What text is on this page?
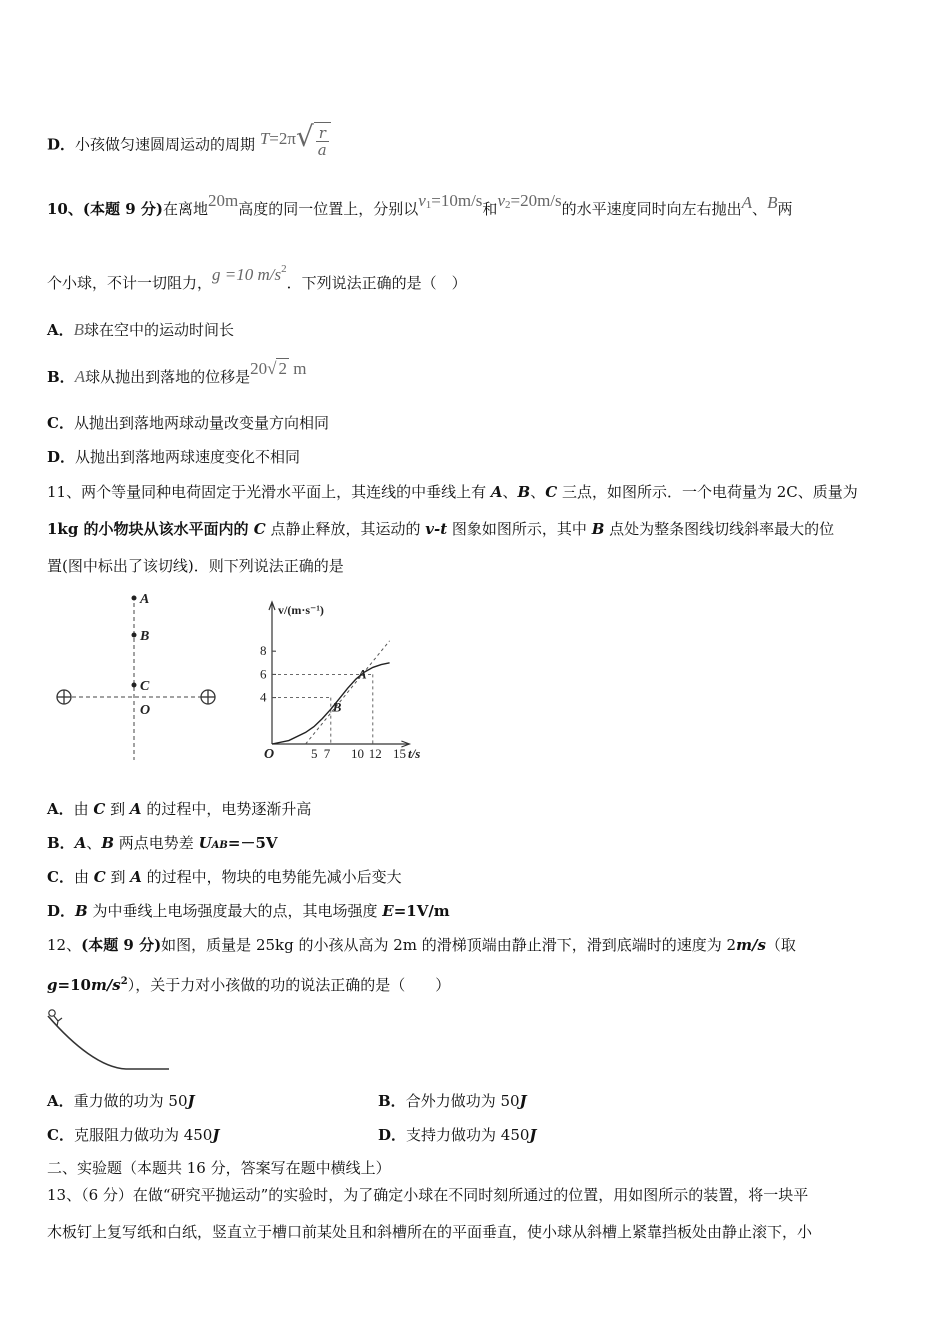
D．小孩做匀速圆周运动的周期 $T=2\pi√ \frac{r}{a}$
10、(本题 9 分)在离地20m高度的同一位置上，分别以$v^1=10m/s$和$v^2=20m/s$的水平速度同时向左右抛出A、B两
个小球，不计一切阻力，g =10 $m/s^2$．下列说法正确的是（　）
A．B球在空中的运动时间长
B．A球从抛出到落地的位移是20√ 2 m
C．从抛出到落地两球动量改变量方向相同
D．从抛出到落地两球速度变化不相同
11、两个等量同种电荷固定于光滑水平面上，其连线的中垂线上有 A、B、C 三点，如图所示．一个电荷量为 2C、质量为
1kg 的小物块从该水平面内的 C 点静止释放，其运动的 v-t 图象如图所示，其中 B 点处为整条图线切线斜率最大的位
置(图中标出了该切线)．则下列说法正确的是
A
B
C
O
v/(m·s⁻¹)
t/s
O
4
6
8
5 7 10 12 15
A
B
A．由 C 到 A 的过程中，电势逐渐升高
B．A、B 两点电势差 UAB=－5V
C．由 C 到 A 的过程中，物块的电势能先减小后变大
D．B 为中垂线上电场强度最大的点，其电场强度 E=1V/m
12、(本题 9 分)如图，质量是 25kg 的小孩从高为 2m 的滑梯顶端由静止滑下，滑到底端时的速度为 2m/s（取
$g=10m/s^2$），关于力对小孩做的功的说法正确的是（　　）
A．重力做的功为 50J	B．合外力做功为 50J
C．克服阻力做功为 450J	D．支持力做功为 450J
二、实验题（本题共 16 分，答案写在题中横线上）
13、（6 分）在做“研究平抛运动”的实验时，为了确定小球在不同时刻所通过的位置，用如图所示的装置，将一块平
木板钉上复写纸和白纸，竖直立于槽口前某处且和斜槽所在的平面垂直，使小球从斜槽上紧靠挡板处由静止滚下，小
